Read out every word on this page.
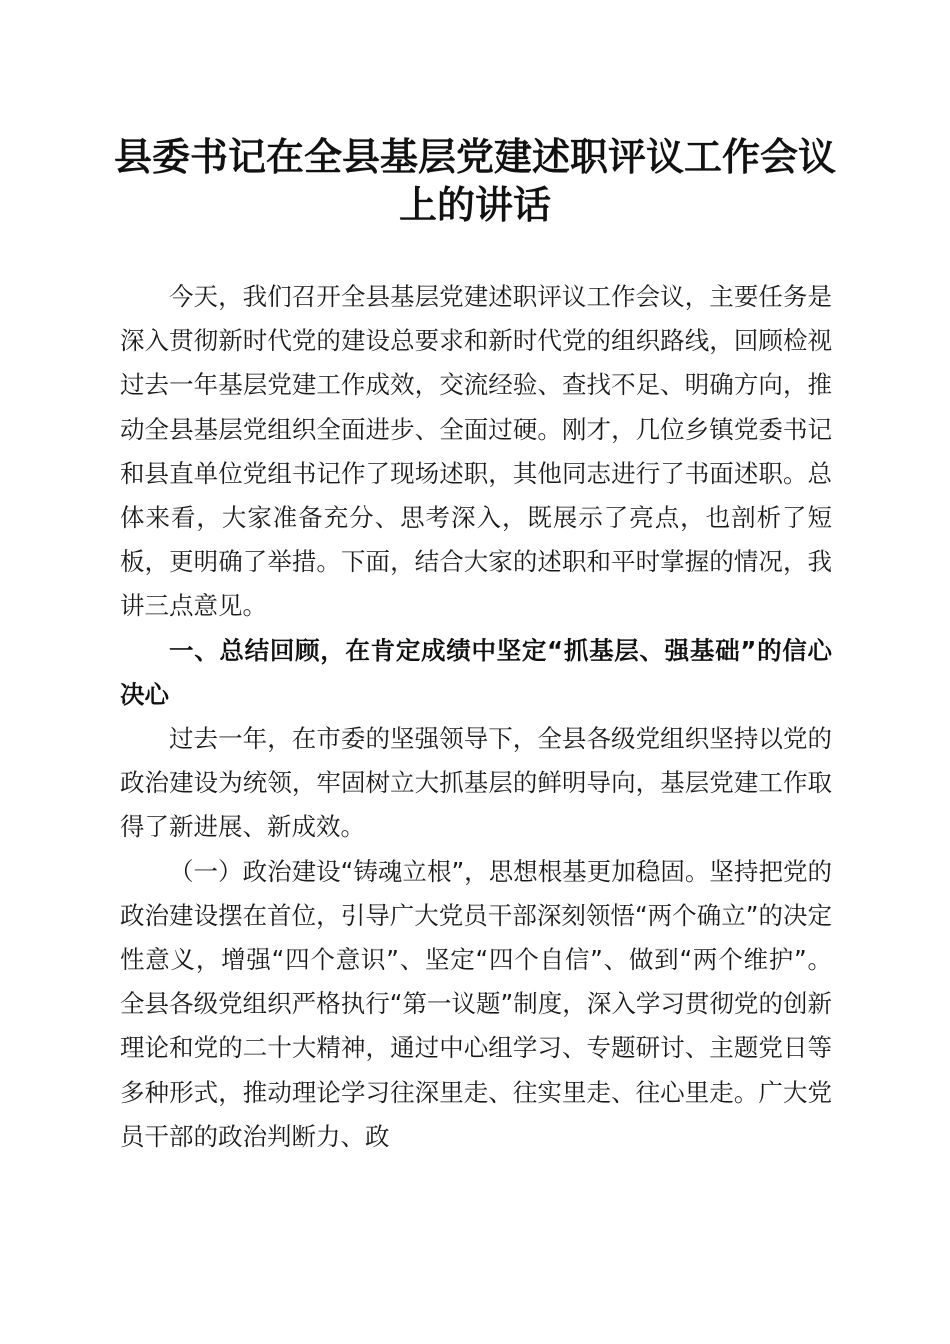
县委书记在全县基层党建述职评议工作会议上的讲话

今天，我们召开全县基层党建述职评议工作会议，主要任务是深入贯彻新时代党的建设总要求和新时代党的组织路线，回顾检视过去一年基层党建工作成效，交流经验、查找不足、明确方向，推动全县基层党组织全面进步、全面过硬。刚才，几位乡镇党委书记和县直单位党组书记作了现场述职，其他同志进行了书面述职。总体来看，大家准备充分、思考深入，既展示了亮点，也剖析了短板，更明确了举措。下面，结合大家的述职和平时掌握的情况，我讲三点意见。

一、总结回顾，在肯定成绩中坚定“抓基层、强基础”的信心决心

过去一年，在市委的坚强领导下，全县各级党组织坚持以党的政治建设为统领，牢固树立大抓基层的鲜明导向，基层党建工作取得了新进展、新成效。

（一）政治建设“铸魂立根”，思想根基更加稳固。坚持把党的政治建设摆在首位，引导广大党员干部深刻领悟“两个确立”的决定性意义，增强“四个意识”、坚定“四个自信”、做到“两个维护”。全县各级党组织严格执行“第一议题”制度，深入学习贯彻党的创新理论和党的二十大精神，通过中心组学习、专题研讨、主题党日等多种形式，推动理论学习往深里走、往实里走、往心里走。广大党员干部的政治判断力、政
